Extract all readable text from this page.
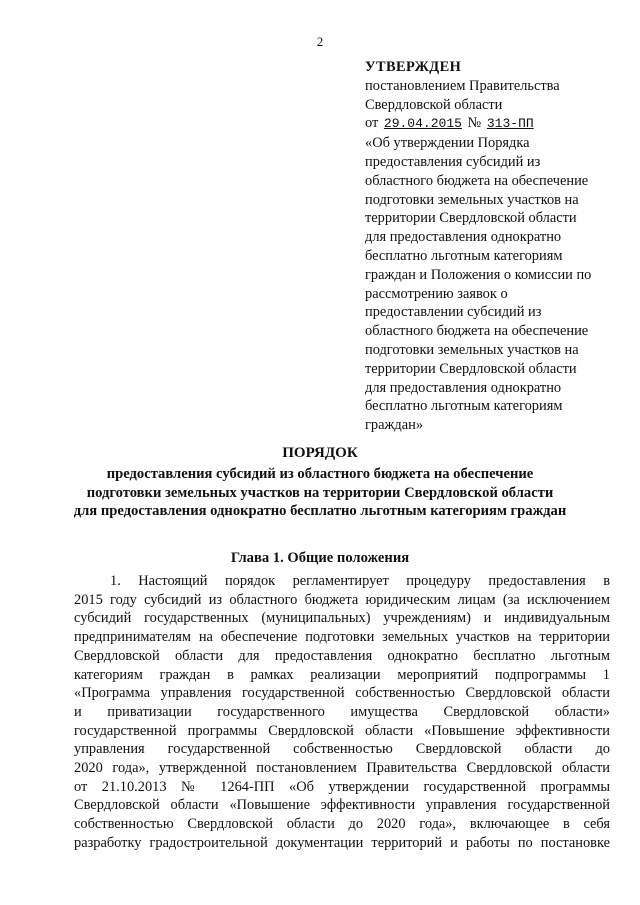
2
УТВЕРЖДЕН
постановлением Правительства
Свердловской области
от 29.04.2015 № 313-ПП
«Об утверждении Порядка
предоставления субсидий из
областного бюджета на обеспечение
подготовки земельных участков на
территории Свердловской области
для предоставления однократно
бесплатно льготным категориям
граждан и Положения о комиссии по
рассмотрению заявок о
предоставлении субсидий из
областного бюджета на обеспечение
подготовки земельных участков на
территории Свердловской области
для предоставления однократно
бесплатно льготным категориям
граждан»
ПОРЯДОК
предоставления субсидий из областного бюджета на обеспечение
подготовки земельных участков на территории Свердловской области
для предоставления однократно бесплатно льготным категориям граждан
Глава 1. Общие положения
1. Настоящий порядок регламентирует процедуру предоставления в
2015 году субсидий из областного бюджета юридическим лицам (за исключением
субсидий государственных (муниципальных) учреждениям) и индивидуальным
предпринимателям на обеспечение подготовки земельных участков на территории
Свердловской области для предоставления однократно бесплатно льготным
категориям граждан в рамках реализации мероприятий подпрограммы 1
«Программа управления государственной собственностью Свердловской области
и приватизации государственного имущества Свердловской области»
государственной программы Свердловской области «Повышение эффективности
управления государственной собственностью Свердловской области до
2020 года», утвержденной постановлением Правительства Свердловской области
от 21.10.2013 № 1264-ПП «Об утверждении государственной программы
Свердловской области «Повышение эффективности управления государственной
собственностью Свердловской области до 2020 года», включающее в себя
разработку градостроительной документации территорий и работы по постановке
